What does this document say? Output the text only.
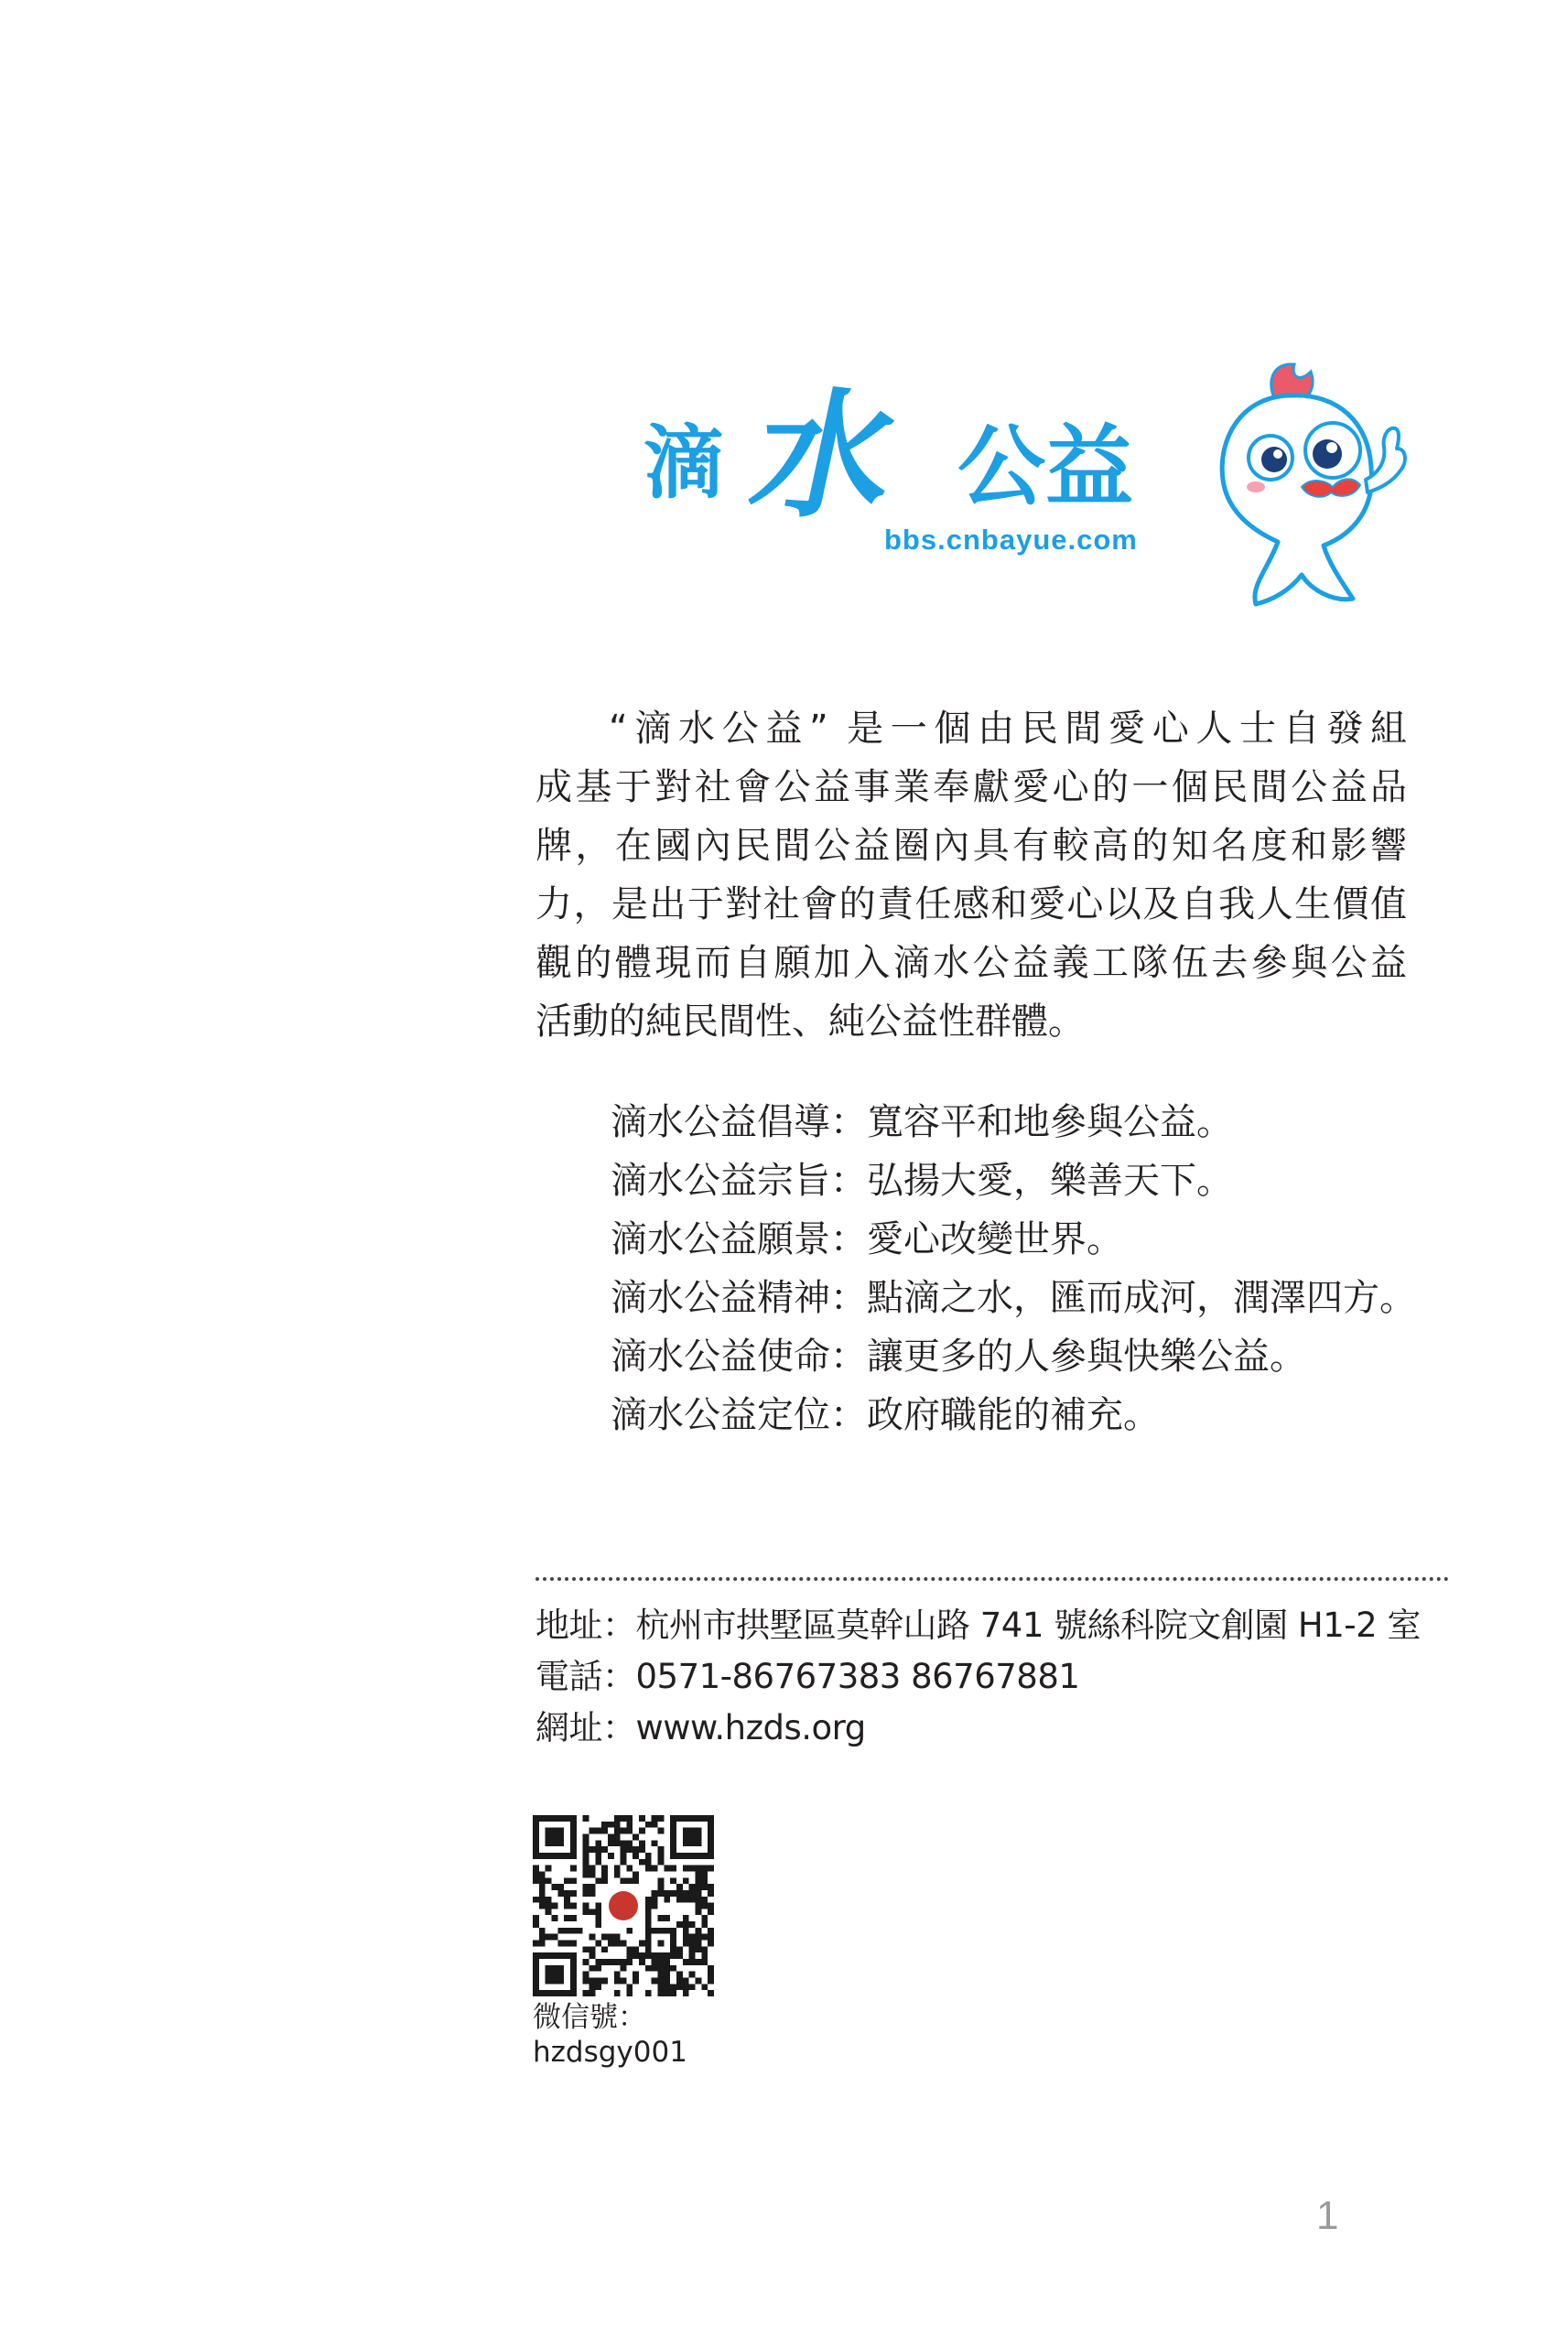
滴 水 公益
bbs.cnbayue.com
“滴水公益” 是一個由民間愛心人士自發組
成基于對社會公益事業奉獻愛心的一個民間公益品
牌，在國內民間公益圈內具有較高的知名度和影響
力，是出于對社會的責任感和愛心以及自我人生價值
觀的體現而自願加入滴水公益義工隊伍去參與公益
活動的純民間性、純公益性群體。
滴水公益倡導：寬容平和地參與公益。
滴水公益宗旨：弘揚大愛，樂善天下。
滴水公益願景：愛心改變世界。
滴水公益精神：點滴之水，匯而成河，潤澤四方。
滴水公益使命：讓更多的人參與快樂公益。
滴水公益定位：政府職能的補充。
地址：杭州市拱墅區莫幹山路 741 號絲科院文創園 H1-2 室
電話：0571-86767383 86767881
網址：www.hzds.org
微信號：
hzdsgy001
1
